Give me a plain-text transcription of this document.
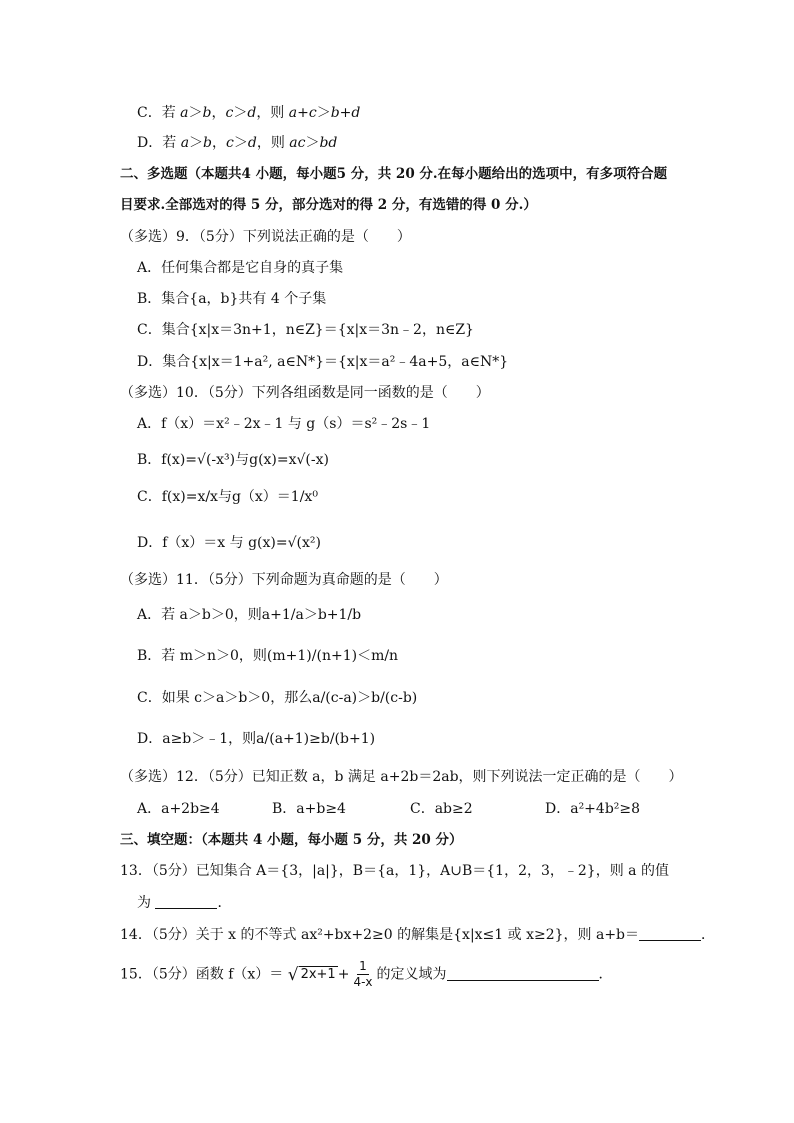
C．若 a＞b，c＞d，则 a+c＞b+d
D．若 a＞b，c＞d，则 ac＞bd
二、多选题（本题共4 小题，每小题5 分，共 20 分.在每小题给出的选项中，有多项符合题
目要求.全部选对的得 5 分，部分选对的得 2 分，有选错的得 0 分.）
（多选）9．（5分）下列说法正确的是（　　）
A．任何集合都是它自身的真子集
B．集合{a，b}共有 4 个子集
C．集合{x|x＝3n+1，n∈Z}＝{x|x＝3n﹣2，n∈Z}
D．集合{x|x＝1+a², a∈N*}＝{x|x＝a²﹣4a+5，a∈N*}
（多选）10．（5分）下列各组函数是同一函数的是（　　）
A．f（x）＝x²﹣2x﹣1 与 g（s）＝s²﹣2s﹣1
B．f(x)=√(-x³)与g(x)=x√(-x)
C．f(x)=x/x与g（x）＝1/x⁰
D．f（x）＝x 与 g(x)=√(x²)
（多选）11．（5分）下列命题为真命题的是（　　）
A．若 a＞b＞0，则a+1/a＞b+1/b
B．若 m＞n＞0，则(m+1)/(n+1)＜m/n
C．如果 c＞a＞b＞0，那么a/(c-a)＞b/(c-b)
D．a≥b＞﹣1，则a/(a+1)≥b/(b+1)
（多选）12．（5分）已知正数 a，b 满足 a+2b＝2ab，则下列说法一定正确的是（　　）
A．a+2b≥4	B．a+b≥4	C．ab≥2	D．a²+4b²≥8
三、填空题：（本题共 4 小题，每小题 5 分，共 20 分）
13．（5分）已知集合 A＝{3，|a|}，B＝{a，1}，A∪B＝{1，2，3，﹣2}，则 a 的值
为	．
14．（5分）关于 x 的不等式 ax²+bx+2≥0 的解集是{x|x≤1 或 x≥2}，则 a+b＝	．
15．（5分）函数 f（x）＝ √ $2x+1 + \frac{1}{4-x}$ 的定义域为	．
